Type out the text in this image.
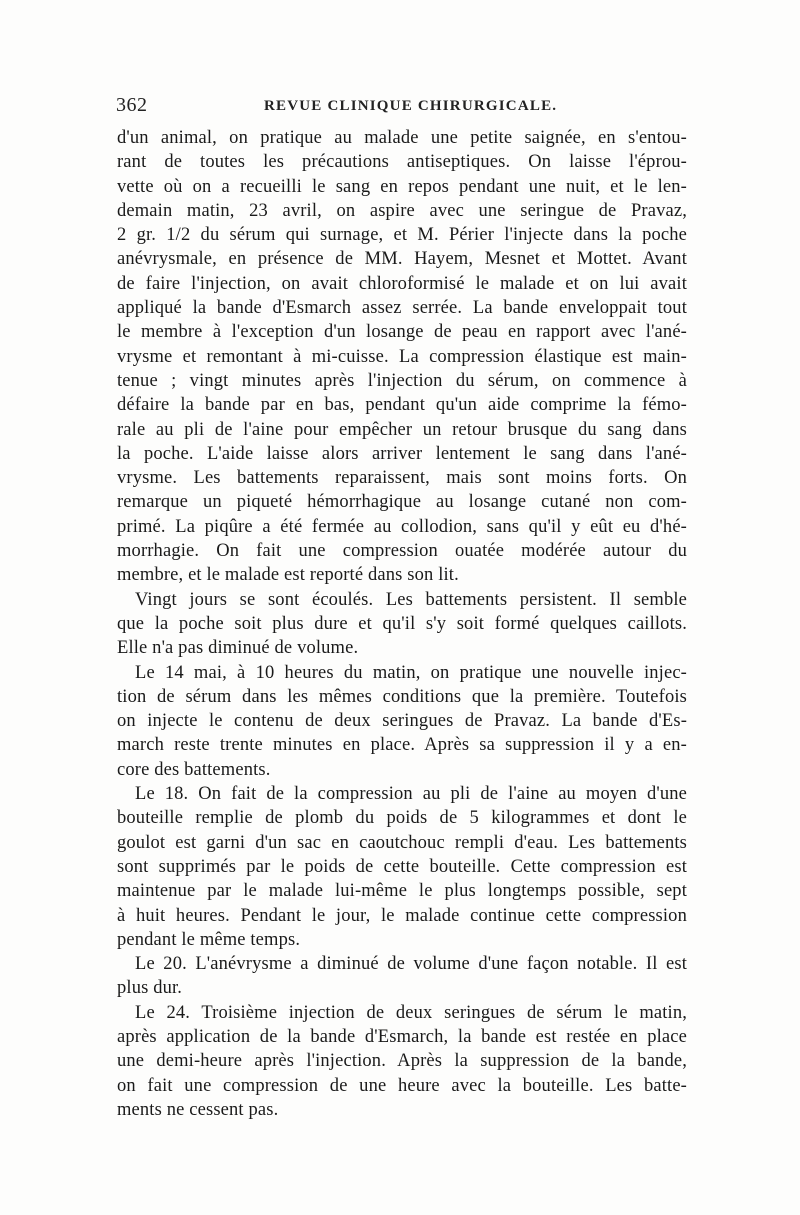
362	REVUE CLINIQUE CHIRURGICALE.
d'un animal, on pratique au malade une petite saignée, en s'entou-
rant de toutes les précautions antiseptiques. On laisse l'éprou-
vette où on a recueilli le sang en repos pendant une nuit, et le len-
demain matin, 23 avril, on aspire avec une seringue de Pravaz,
2 gr. 1/2 du sérum qui surnage, et M. Périer l'injecte dans la poche
anévrysmale, en présence de MM. Hayem, Mesnet et Mottet. Avant
de faire l'injection, on avait chloroformisé le malade et on lui avait
appliqué la bande d'Esmarch assez serrée. La bande enveloppait tout
le membre à l'exception d'un losange de peau en rapport avec l'ané-
vrysme et remontant à mi-cuisse. La compression élastique est main-
tenue ; vingt minutes après l'injection du sérum, on commence à
défaire la bande par en bas, pendant qu'un aide comprime la fémo-
rale au pli de l'aine pour empêcher un retour brusque du sang dans
la poche. L'aide laisse alors arriver lentement le sang dans l'ané-
vrysme. Les battements reparaissent, mais sont moins forts. On
remarque un piqueté hémorrhagique au losange cutané non com-
primé. La piqûre a été fermée au collodion, sans qu'il y eût eu d'hé-
morrhagie. On fait une compression ouatée modérée autour du
membre, et le malade est reporté dans son lit.
Vingt jours se sont écoulés. Les battements persistent. Il semble
que la poche soit plus dure et qu'il s'y soit formé quelques caillots.
Elle n'a pas diminué de volume.
Le 14 mai, à 10 heures du matin, on pratique une nouvelle injec-
tion de sérum dans les mêmes conditions que la première. Toutefois
on injecte le contenu de deux seringues de Pravaz. La bande d'Es-
march reste trente minutes en place. Après sa suppression il y a en-
core des battements.
Le 18. On fait de la compression au pli de l'aine au moyen d'une
bouteille remplie de plomb du poids de 5 kilogrammes et dont le
goulot est garni d'un sac en caoutchouc rempli d'eau. Les battements
sont supprimés par le poids de cette bouteille. Cette compression est
maintenue par le malade lui-même le plus longtemps possible, sept
à huit heures. Pendant le jour, le malade continue cette compression
pendant le même temps.
Le 20. L'anévrysme a diminué de volume d'une façon notable. Il est
plus dur.
Le 24. Troisième injection de deux seringues de sérum le matin,
après application de la bande d'Esmarch, la bande est restée en place
une demi-heure après l'injection. Après la suppression de la bande,
on fait une compression de une heure avec la bouteille. Les batte-
ments ne cessent pas.
